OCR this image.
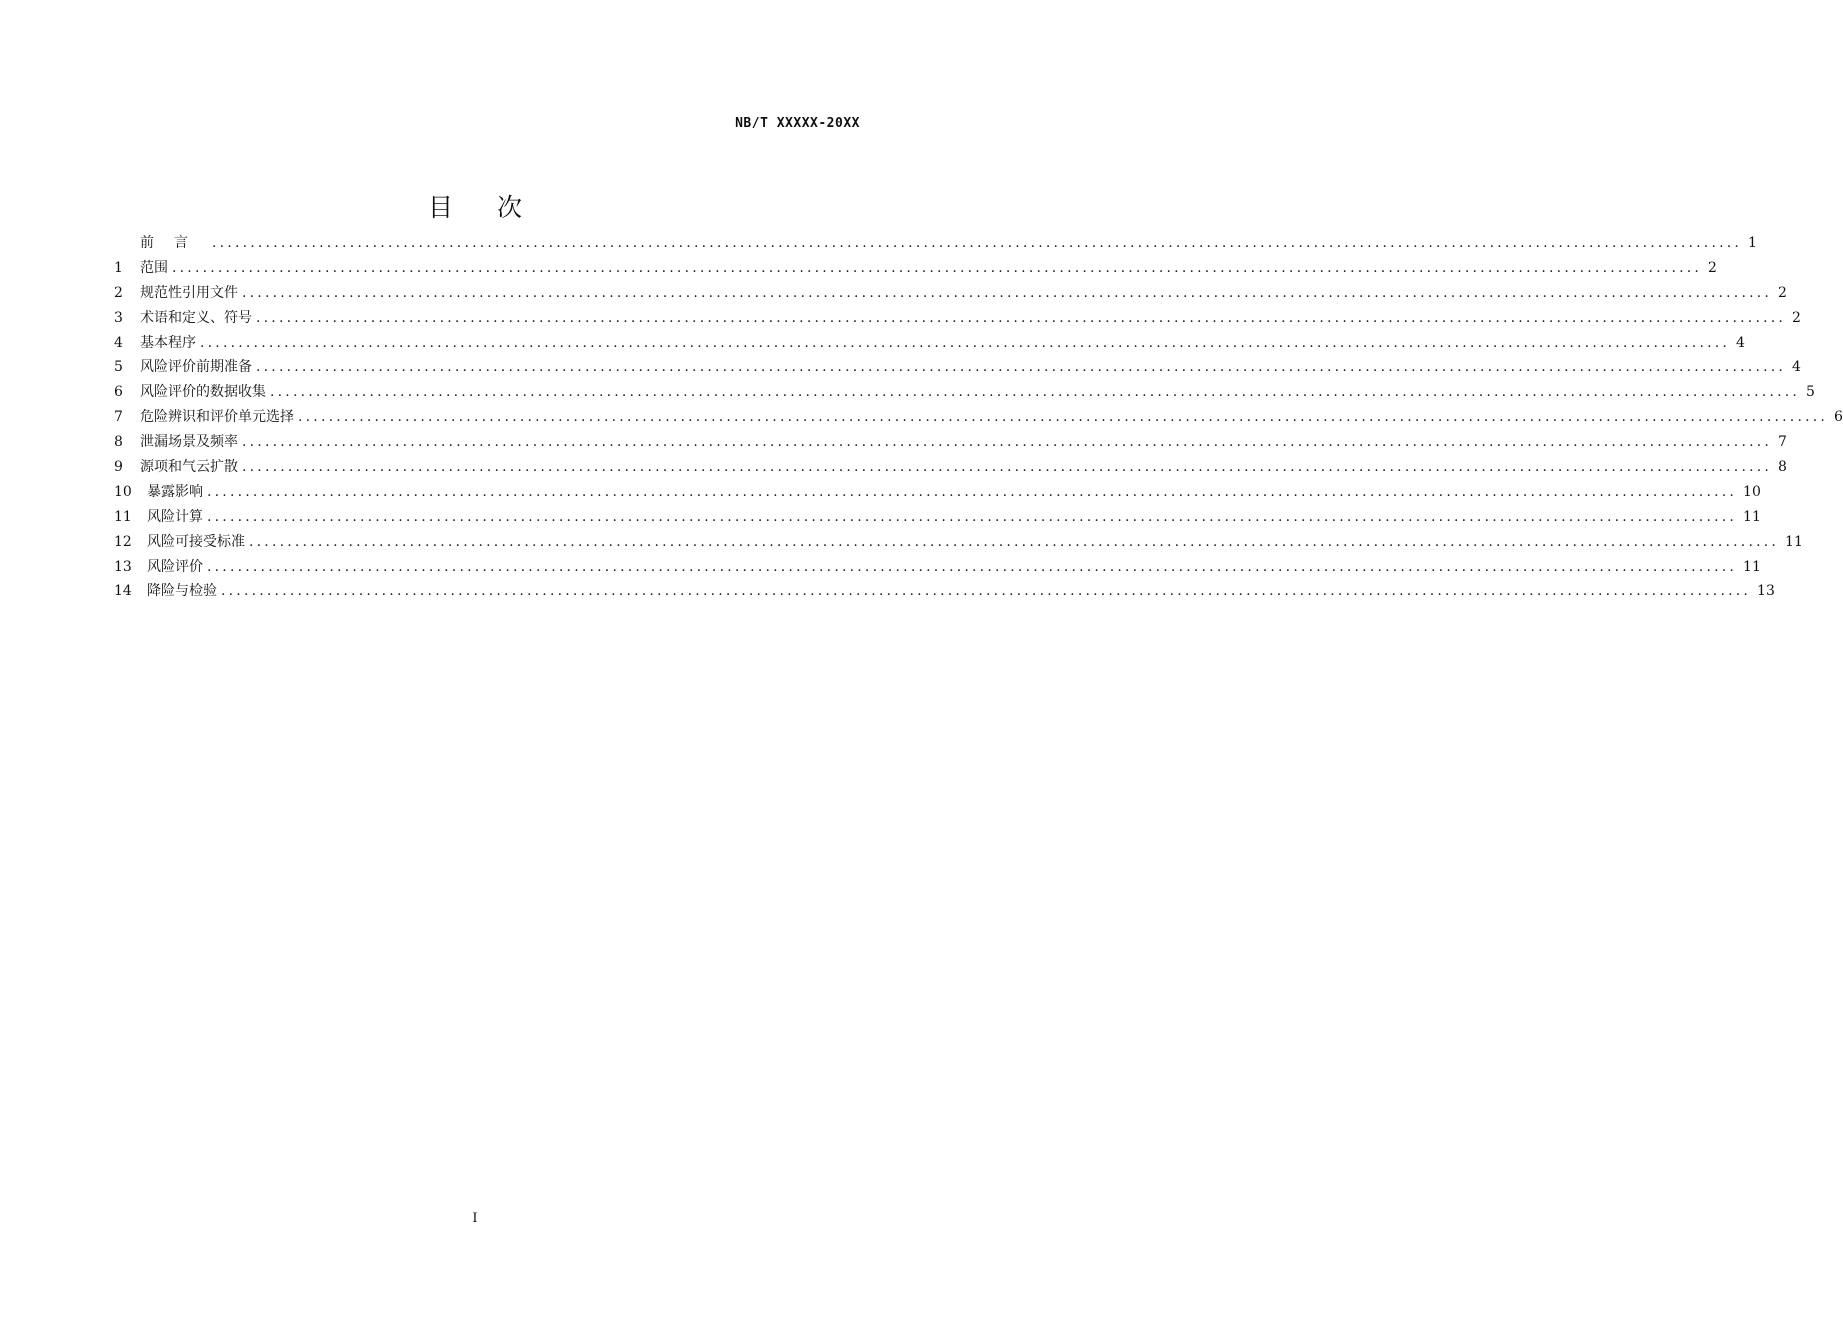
NB/T XXXXX-20XX
目次
前言 ........................................................................................................................................................................................................ 1
1	范围 ........................................................................................................................................................................................................ 2
2	规范性引用文件 ........................................................................................................................................................................................................ 2
3	术语和定义、符号 ........................................................................................................................................................................................................ 2
4	基本程序 ........................................................................................................................................................................................................ 4
5	风险评价前期准备 ........................................................................................................................................................................................................ 4
6	风险评价的数据收集 ........................................................................................................................................................................................................ 5
7	危险辨识和评价单元选择 ........................................................................................................................................................................................................ 6
8	泄漏场景及频率 ........................................................................................................................................................................................................ 7
9	源项和气云扩散 ........................................................................................................................................................................................................ 8
10	暴露影响 ........................................................................................................................................................................................................ 10
11	风险计算 ........................................................................................................................................................................................................ 11
12	风险可接受标准 ........................................................................................................................................................................................................ 11
13	风险评价 ........................................................................................................................................................................................................ 11
14	降险与检验 ........................................................................................................................................................................................................ 13
I
